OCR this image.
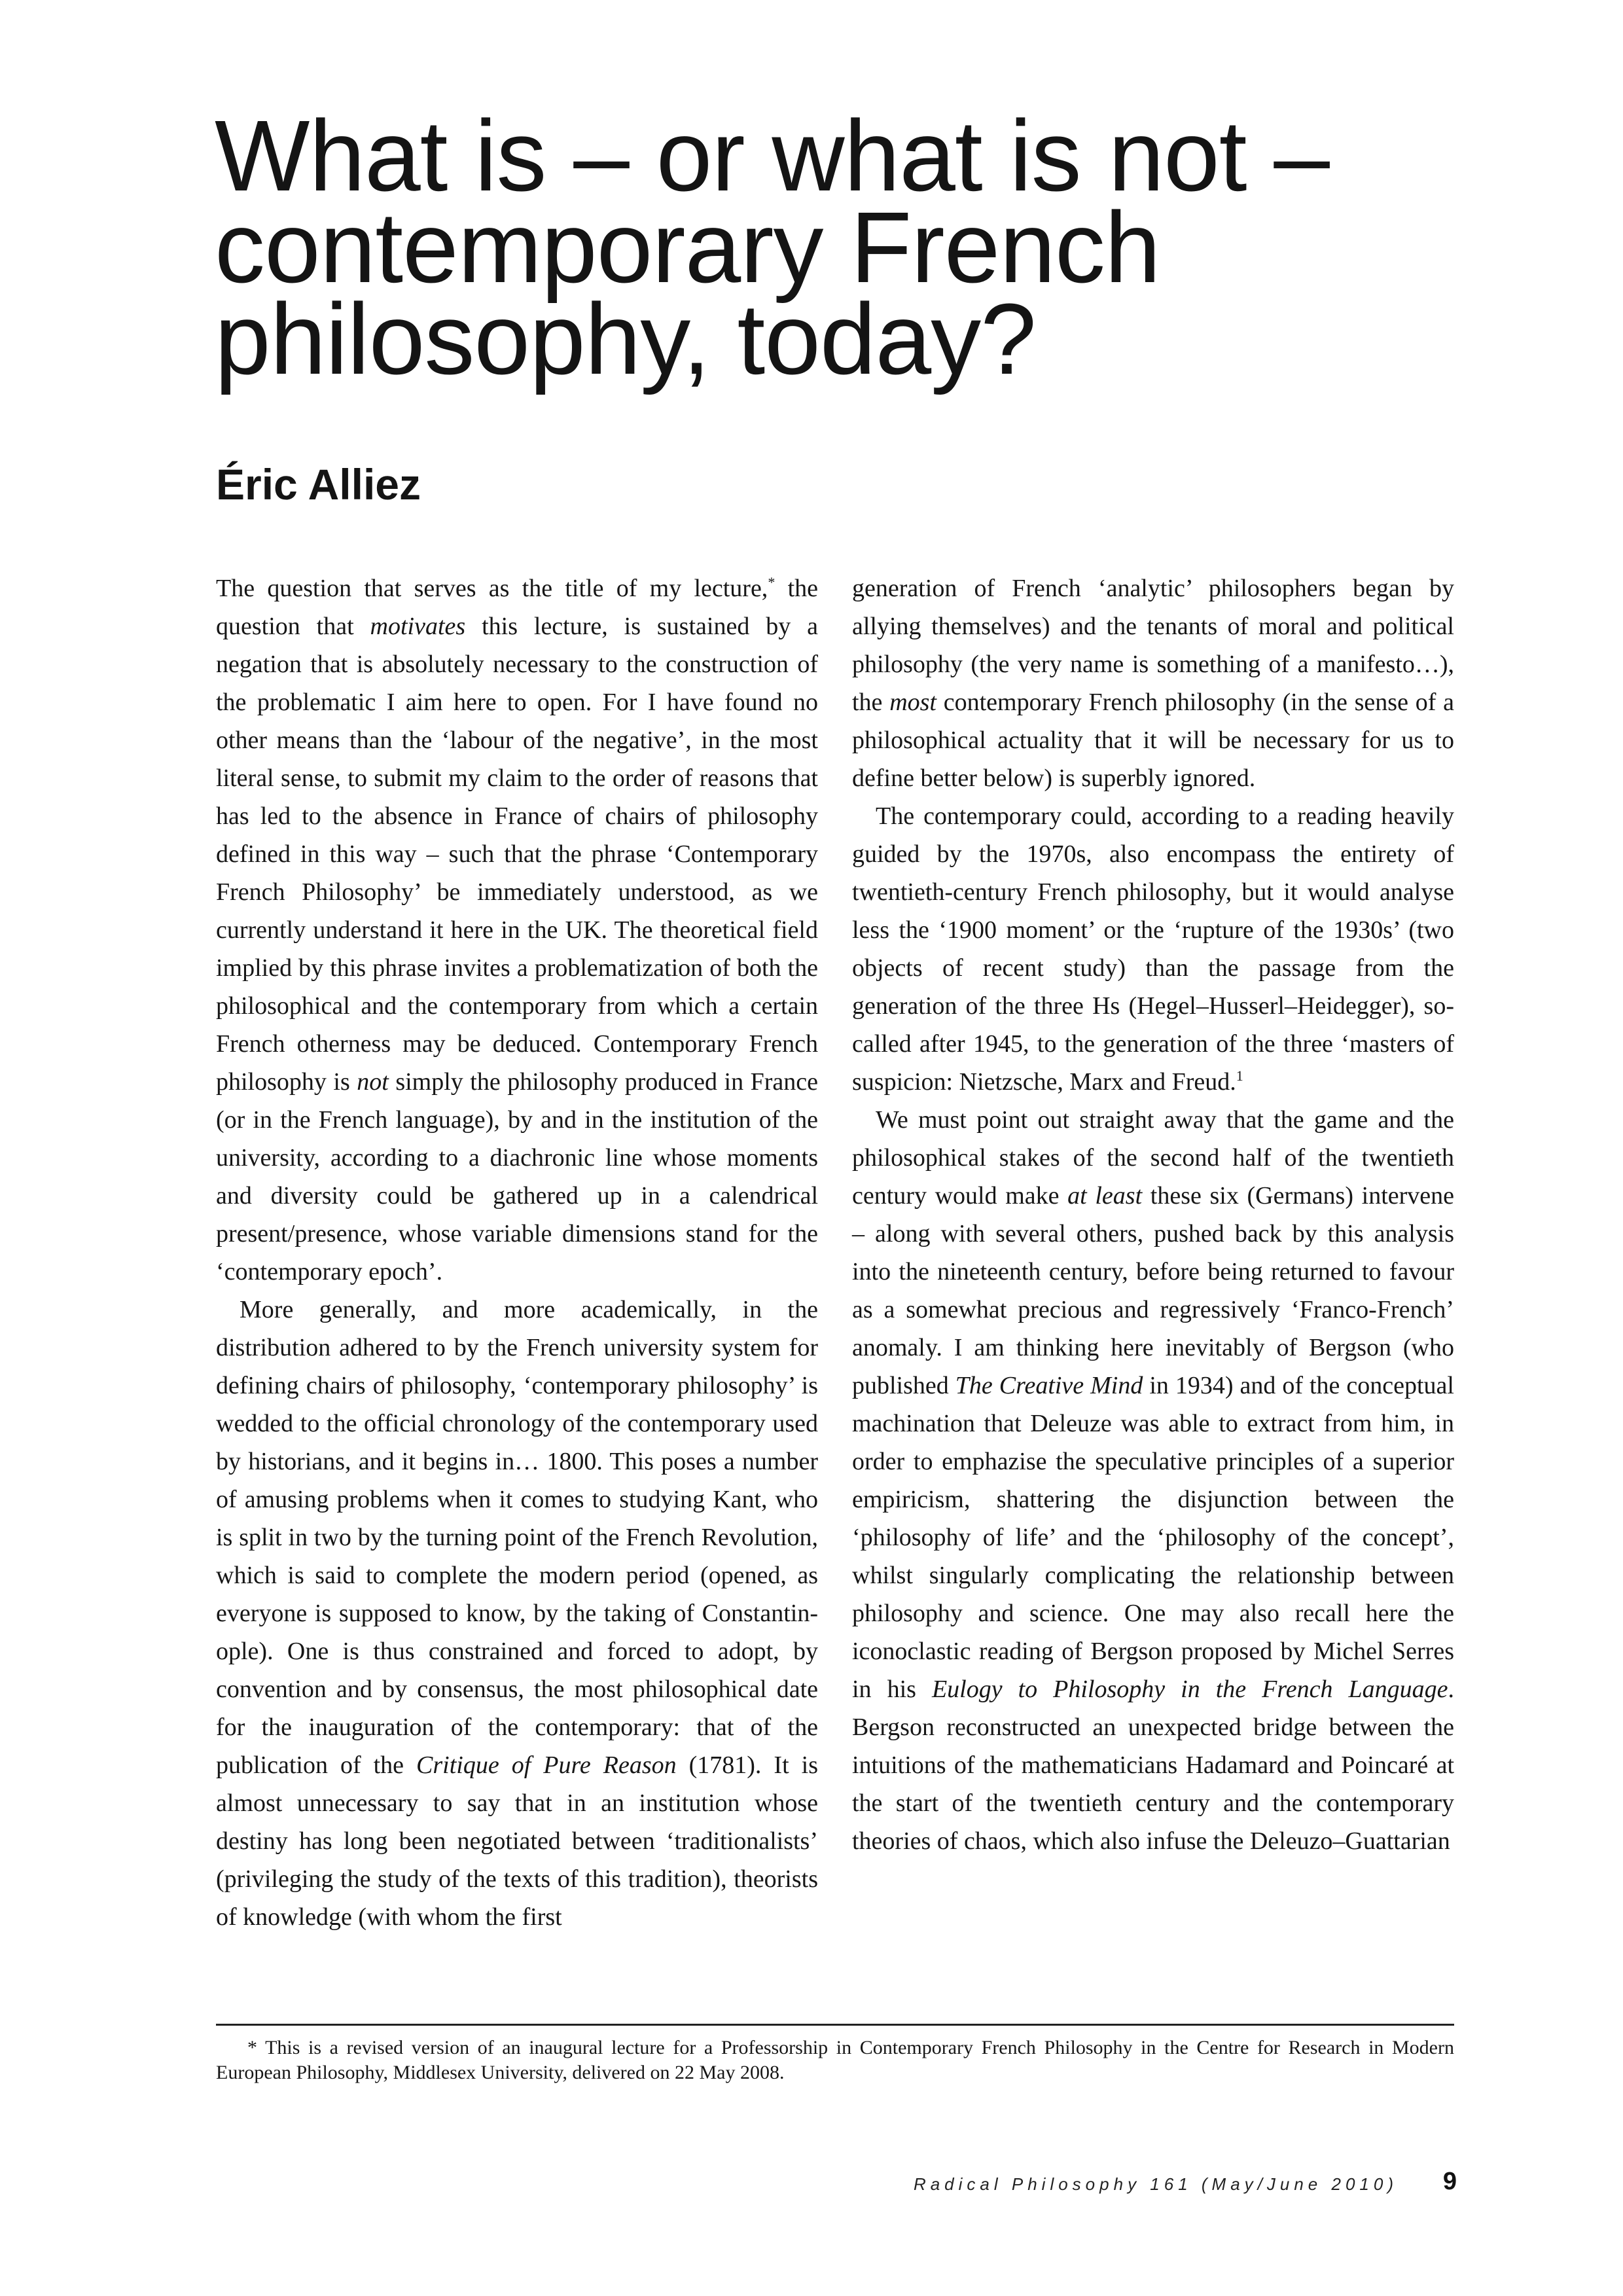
What is – or what is not –
contemporary French
philosophy, today?
Éric Alliez

The question that serves as the title of my lecture,* the question that motivates this lecture, is sustained by a negation that is absolutely necessary to the construction of the problematic I aim here to open. For I have found no other means than the ‘labour of the negative’, in the most literal sense, to submit my claim to the order of reasons that has led to the absence in France of chairs of philosophy defined in this way – such that the phrase ‘Contemporary French Philosophy’ be immediately understood, as we currently understand it here in the UK. The theoretical field implied by this phrase invites a problematization of both the philosophical and the contemporary from which a certain French otherness may be deduced. Contemporary French philosophy is not simply the philosophy produced in France (or in the French language), by and in the institution of the university, according to a diachronic line whose moments and diversity could be gathered up in a calendrical present/presence, whose variable dimensions stand for the ‘contemporary epoch’.

More generally, and more academically, in the distribution adhered to by the French university system for defining chairs of philosophy, ‘contemporary philosophy’ is wedded to the official chronology of the contemporary used by historians, and it begins in… 1800. This poses a number of amusing problems when it comes to studying Kant, who is split in two by the turning point of the French Revolution, which is said to complete the modern period (opened, as everyone is supposed to know, by the taking of Constantinople). One is thus constrained and forced to adopt, by convention and by consensus, the most philosophical date for the inauguration of the contemporary: that of the publication of the Critique of Pure Reason (1781). It is almost unnecessary to say that in an institution whose destiny has long been negotiated between ‘traditionalists’ (privileging the study of the texts of this tradition), theorists of knowledge (with whom the first

generation of French ‘analytic’ philosophers began by allying themselves) and the tenants of moral and political philosophy (the very name is something of a manifesto…), the most contemporary French philosophy (in the sense of a philosophical actuality that it will be necessary for us to define better below) is superbly ignored.

The contemporary could, according to a reading heavily guided by the 1970s, also encompass the entirety of twentieth-century French philosophy, but it would analyse less the ‘1900 moment’ or the ‘rupture of the 1930s’ (two objects of recent study) than the passage from the generation of the three Hs (Hegel–Husserl–Heidegger), so-called after 1945, to the generation of the three ‘masters of suspicion: Nietzsche, Marx and Freud.$^1$

We must point out straight away that the game and the philosophical stakes of the second half of the twentieth century would make at least these six (Germans) intervene – along with several others, pushed back by this analysis into the nineteenth century, before being returned to favour as a somewhat precious and regressively ‘Franco-French’ anomaly. I am thinking here inevitably of Bergson (who published The Creative Mind in 1934) and of the conceptual machination that Deleuze was able to extract from him, in order to emphazise the speculative principles of a superior empiricism, shattering the disjunction between the ‘philosophy of life’ and the ‘philosophy of the concept’, whilst singularly complicating the relationship between philosophy and science. One may also recall here the iconoclastic reading of Bergson proposed by Michel Serres in his Eulogy to Philosophy in the French Language. Bergson reconstructed an unexpected bridge between the intuitions of the mathematicians Hadamard and Poincaré at the start of the twentieth century and the contemporary theories of chaos, which also infuse the Deleuzo–Guattarian

* This is a revised version of an inaugural lecture for a Professorship in Contemporary French Philosophy in the Centre for Research in Modern European Philosophy, Middlesex University, delivered on 22 May 2008.

Radical Philosophy 161 (May/June 2010)	9
